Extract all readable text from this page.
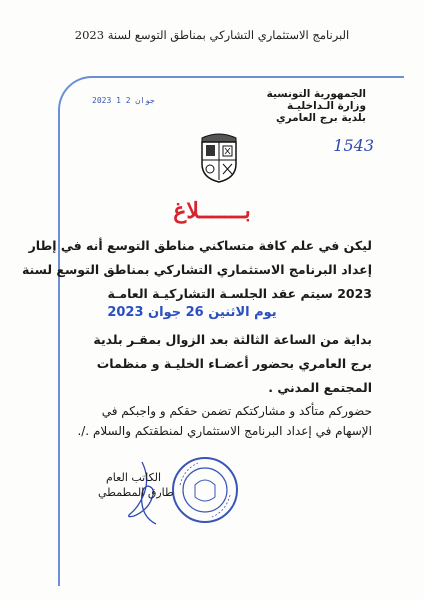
البرنامج الاستثماري التشاركي بمناطق التوسع لسنة 2023
2023 جوان 2 1
الجمهورية التونسية
وزارة الـداخليـة
بلدية برج العامري
1543
بـــــــلاغ
ليكن في علم كافة متساكني مناطق التوسع أنه في إطار
إعداد البرنامج الاستثماري التشاركي بمناطق التوسع لسنة
2023 سيتم عقد الجلسـة التشاركيـة العامـة
يوم الاثنين 26 جوان 2023
بداية من الساعة الثالثة بعد الزوال بمقـر بلدية
برج العامري بحضور أعضـاء الخليـة و منظمات
المجتمع المدني .
حضوركم متأكد و مشاركتكم تضمن حقكم و واجبكم في
الإسهام في إعداد البرنامج الاستثماري لمنطقتكم والسلام ./.
الكاتب العام
طارق المطمطي
